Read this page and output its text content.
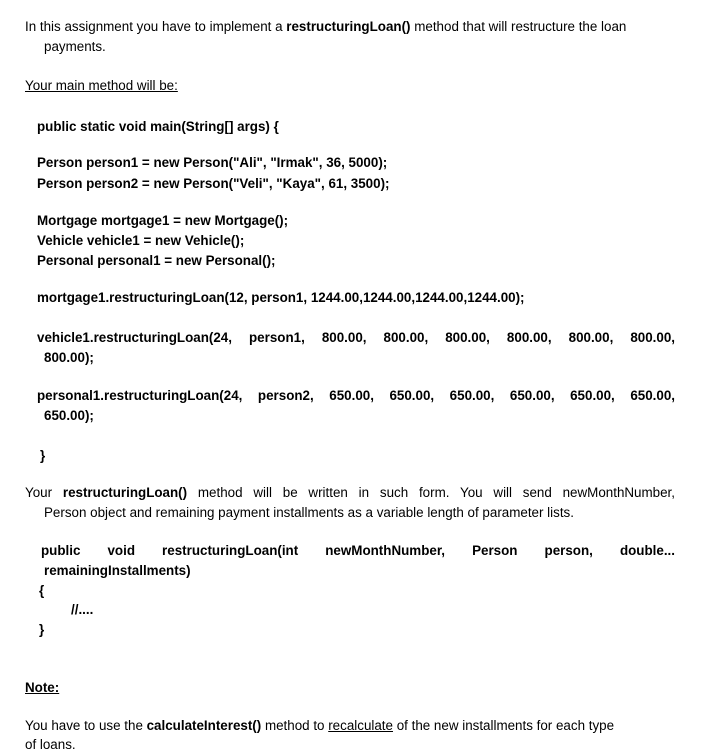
In this assignment you have to implement a restructuringLoan() method that will restructure the loan
payments.
Your main method will be:
public static void main(String[] args) {
Person person1 = new Person("Ali", "Irmak", 36, 5000);
Person person2 = new Person("Veli", "Kaya", 61, 3500);
Mortgage mortgage1 = new Mortgage();
Vehicle vehicle1 = new Vehicle();
Personal personal1 = new Personal();
mortgage1.restructuringLoan(12, person1, 1244.00,1244.00,1244.00,1244.00);
vehicle1.restructuringLoan(24, person1, 800.00, 800.00, 800.00, 800.00, 800.00, 800.00,
800.00);
personal1.restructuringLoan(24, person2, 650.00, 650.00, 650.00, 650.00, 650.00, 650.00,
650.00);
}
Your restructuringLoan() method will be written in such form. You will send newMonthNumber,
Person object and remaining payment installments as a variable length of parameter lists.
public void restructuringLoan(int newMonthNumber, Person person, double...
remainingInstallments)
{
//....
}
Note:
You have to use the calculateInterest() method to recalculate of the new installments for each type
of loans.
